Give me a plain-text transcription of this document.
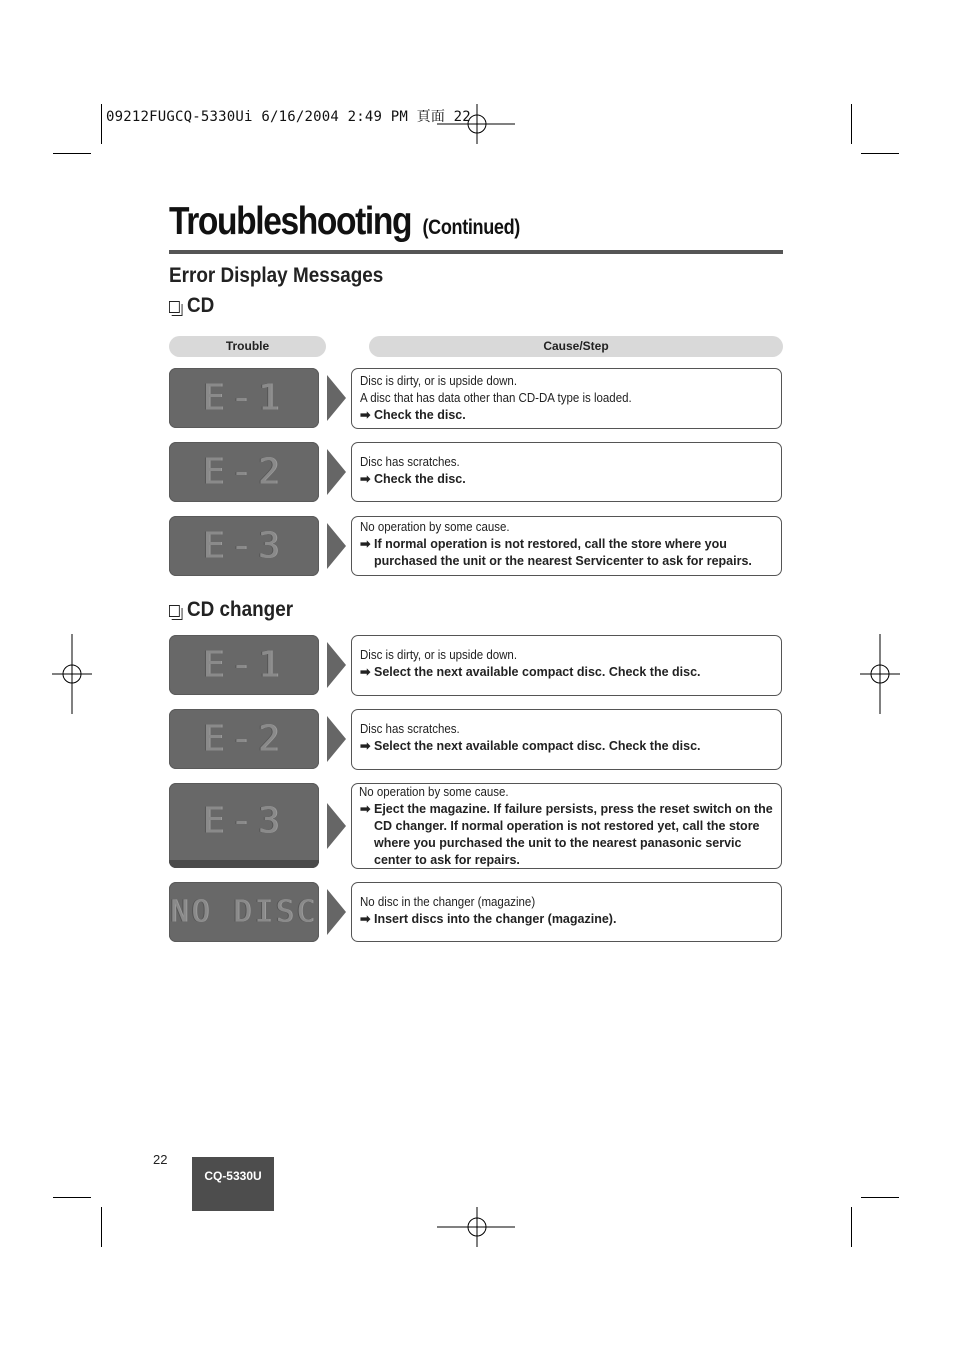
09212FUGCQ-5330Ui 6/16/2004 2:49 PM 頁面 22
Troubleshooting (Continued)
Error Display Messages
CD
Trouble	Cause/Step
E-1	Disc is dirty, or is upside down.
A disc that has data other than CD-DA type is loaded.
➡ Check the disc.
E-2	Disc has scratches.
➡ Check the disc.
E-3	No operation by some cause.
➡ If normal operation is not restored, call the store where you purchased the unit or the nearest Servicenter to ask for repairs.
CD changer
E-1	Disc is dirty, or is upside down.
➡ Select the next available compact disc. Check the disc.
E-2	Disc has scratches.
➡ Select the next available compact disc. Check the disc.
E-3
No operation by some cause.
➡ Eject the magazine. If failure persists, press the reset switch on the CD changer. If normal operation is not restored yet, call the store where you purchased the unit to the nearest panasonic servic center to ask for repairs.
NO DISC	No disc in the changer (magazine)
➡ Insert discs into the changer (magazine).
22
CQ-5330U
